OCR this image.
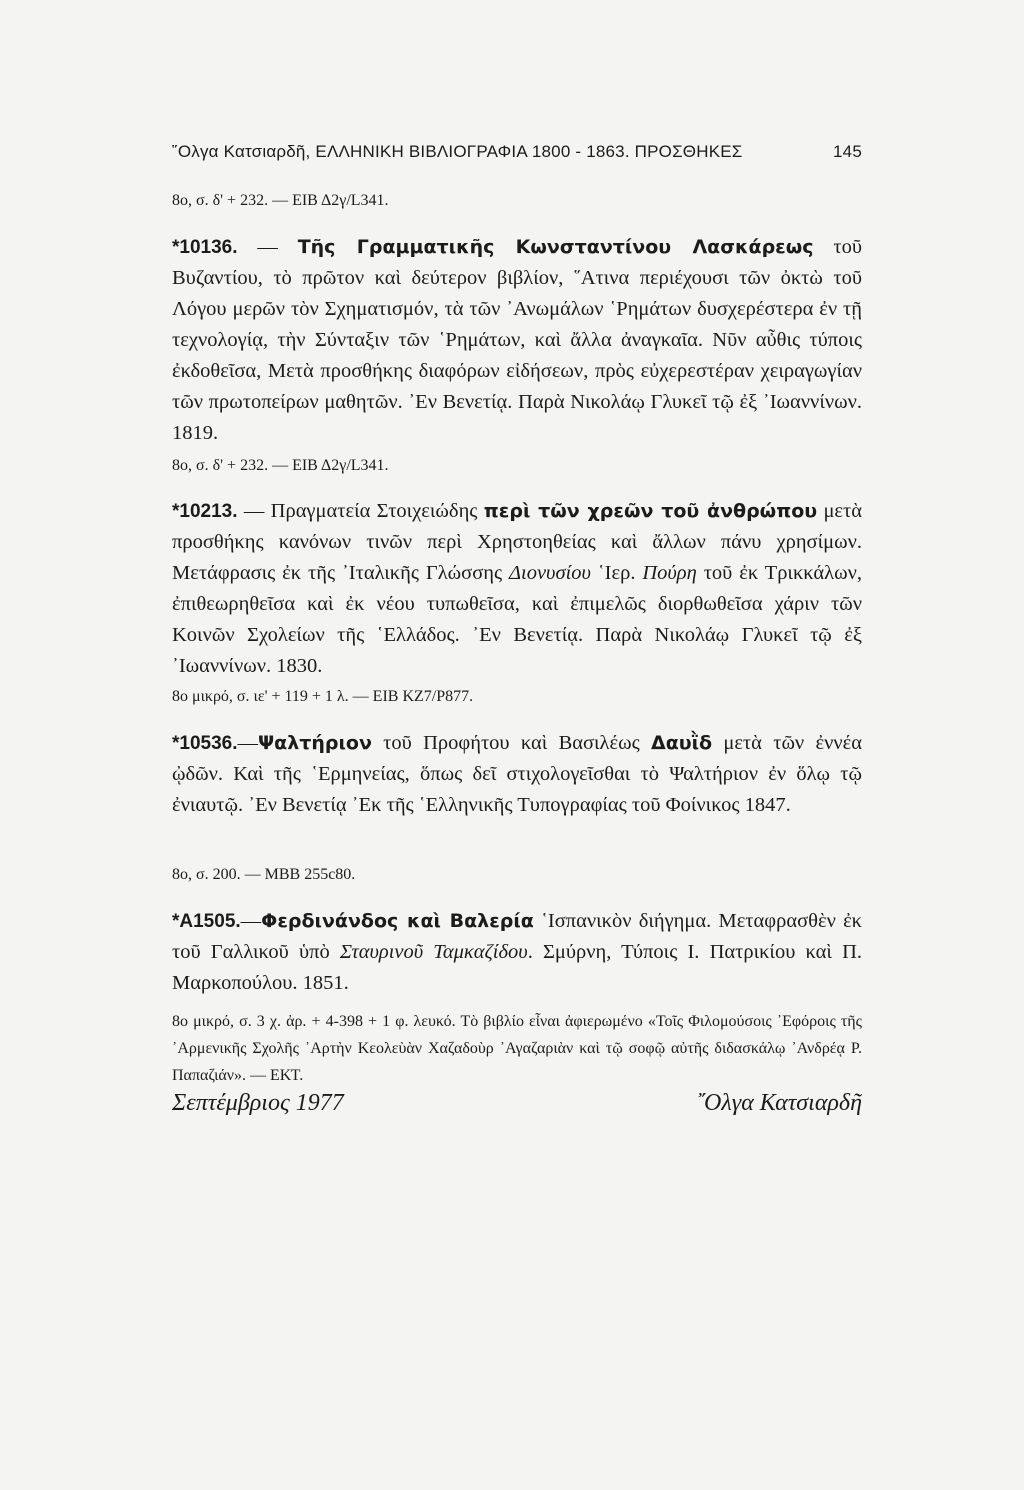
῞Ολγα Κατσιαρδῆ, ΕΛΛΗΝΙΚΗ ΒΙΒΛΙΟΓΡΑΦΙΑ 1800 - 1863. ΠΡΟΣΘΗΚΕΣ	145
8ο, σ. δ' + 232. — ΕΙΒ Δ2γ/L341.
*10136. — Τῆς Γραμματικῆς Κωνσταντίνου Λασκάρεως τοῦ Βυζαντίου, τὸ πρῶτον καὶ δεύτερον βιβλίον, ῞Ατινα περιέχουσι τῶν ὀκτὼ τοῦ Λόγου μερῶν τὸν Σχηματισμόν, τὰ τῶν ᾿Ανωμάλων ῾Ρημάτων δυσχερέστερα ἐν τῇ τεχνολογίᾳ, τὴν Σύνταξιν τῶν ῾Ρημάτων, καὶ ἄλλα ἀναγκαῖα. Νῦν αὖθις τύποις ἐκδοθεῖσα, Μετὰ προσθήκης διαφόρων εἰδήσεων, πρὸς εὐχερεστέραν χειραγωγίαν τῶν πρωτοπείρων μαθητῶν. ᾿Εν Βενετίᾳ. Παρὰ Νικολάῳ Γλυκεῖ τῷ ἐξ ᾿Ιωαννίνων. 1819.
8ο, σ. δ' + 232. — ΕΙΒ Δ2γ/L341.
*10213. — Πραγματεία Στοιχειώδης περὶ τῶν χρεῶν τοῦ ἀνθρώπου μετὰ προσθήκης κανόνων τινῶν περὶ Χρηστοηθείας καὶ ἄλλων πάνυ χρησίμων. Μετάφρασις ἐκ τῆς ᾿Ιταλικῆς Γλώσσης Διονυσίου ῾Ιερ. Πούρη τοῦ ἐκ Τρικκάλων, ἐπιθεωρηθεῖσα καὶ ἐκ νέου τυπωθεῖσα, καὶ ἐπιμελῶς διορθωθεῖσα χάριν τῶν Κοινῶν Σχολείων τῆς ῾Ελλάδος. ᾿Εν Βενετίᾳ. Παρὰ Νικολάῳ Γλυκεῖ τῷ ἐξ ᾿Ιωαννίνων. 1830.
8ο μικρό, σ. ιε' + 119 + 1 λ. — ΕΙΒ ΚΖ7/P877.
*10536.—Ψαλτήριον τοῦ Προφήτου καὶ Βασιλέως Δαυῒδ μετὰ τῶν ἐννέα ᾠδῶν. Καὶ τῆς ῾Ερμηνείας, ὅπως δεῖ στιχολογεῖσθαι τὸ Ψαλτήριον ἐν ὅλῳ τῷ ἐνιαυτῷ. ᾿Εν Βενετίᾳ ᾿Εκ τῆς ῾Ελληνικῆς Τυπογραφίας τοῦ Φοίνικος 1847.
8ο, σ. 200. — ΜΒΒ 255c80.
*A1505.—Φερδινάνδος καὶ Βαλερία ῾Ισπανικὸν διήγημα. Μεταφρασθὲν ἐκ τοῦ Γαλλικοῦ ὑπὸ Σταυρινοῦ Ταμκαζίδου. Σμύρνη, Τύποις Ι. Πατρικίου καὶ Π. Μαρκοπούλου. 1851.
8ο μικρό, σ. 3 χ. ἀρ. + 4-398 + 1 φ. λευκό. Τὸ βιβλίο εἶναι ἀφιερωμένο «Τοῖς Φιλομούσοις ᾿Εφόροις τῆς ᾿Αρμενικῆς Σχολῆς ᾿Αρτὴν Κεολεὺὰν Χαζαδοὺρ ᾿Αγαζαριὰν καὶ τῷ σοφῷ αὐτῆς διδασκάλῳ ᾿Ανδρέᾳ Ρ. Παπαζιάν». — ΕΚΤ.
Σεπτέμβριος 1977	῎Ολγα Κατσιαρδῆ
